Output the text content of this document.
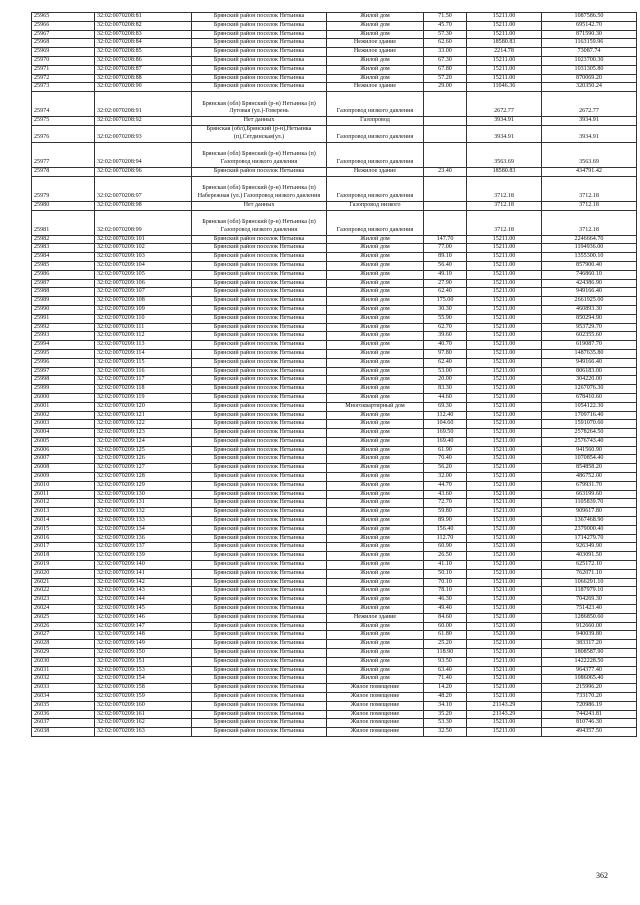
25965	32:02:0070208:81	Брянский район поселок Нетьинка	Жилой дом	71.50	15211.00	1087586.50
25966	32:02:0070208:82	Брянский район поселок Нетьинка	Жилой дом	45.70	15211.00	695142.70
25967	32:02:0070208:83	Брянский район поселок Нетьинка	Жилой дом	57.30	15211.00	871590.30
25968	32:02:0070208:84	Брянский район поселок Нетьинка	Нежилое здание	62.60	18580.83	1163159.96
25969	32:02:0070208:85	Брянский район поселок Нетьинка	Нежилое здание	33.00	2214.78	73087.74
25970	32:02:0070208:86	Брянский район поселок Нетьинка	Жилой дом	67.30	15211.00	1023700.30
25971	32:02:0070208:87	Брянский район поселок Нетьинка	Жилой дом	67.80	15211.00	1031305.80
25972	32:02:0070208:88	Брянский район поселок Нетьинка	Жилой дом	57.20	15211.00	870069.20
25973	32:02:0070208:90	Брянский район поселок Нетьинка	Нежилое здание	29.00	11046.36	320350.24
25974	32:02:0070208:91	Брянская (обл) Брянский (р-н) Нетьинка (п) Лутовая (ул.)-Говерень	Газопровод низкого давления		2672.77	2672.77
25975	32:02:0070208:92	Нет данных	Газопровод		3934.91	3934.91
25976	32:02:0070208:93	Брянская (обл),Брянский (р-н),Нетьинка (п),Сетдинская(ул.)	Газопровод низкого давления		3934.91	3934.91
25977	32:02:0070208:94	Брянская (обл) Брянский (р-н) Нетьинка (п) Газопровод низкого давления	Газопровод низкого давления		3563.69	3563.69
25978	32:02:0070208:96	Брянский район поселок Нетьинка	Нежилое здание	23.40	18580.83	434791.42
25979	32:02:0070208:97	Брянская (обл) Брянский (р-н) Нетьинка (п) Набережная (ул.) Газопровод низкого давления	Газопровод низкого давления		3712.18	3712.18
25980	32:02:0070208:98	Нет данных	Газопровод низкого		3712.18	3712.18
25981	32:02:0070208:99	Брянская (обл) Брянский (р-н) Нетьинка (п) Газопровод низкого давления	Газопровод низкого давления		3712.18	3712.18
25982	32:02:0070209:101	Брянский район поселок Нетьинка	Жилой дом	147.70	15211.00	2246664.70
25983	32:02:0070209:102	Брянский район поселок Нетьинка	Жилой дом	77.00	15211.00	1194936.00
25984	32:02:0070209:103	Брянский район поселок Нетьинка	Жилой дом	89.10	15211.00	1355300.10
25985	32:02:0070209:104	Брянский район поселок Нетьинка	Жилой дом	56.40	15211.00	857900.40
25986	32:02:0070209:105	Брянский район поселок Нетьинка	Жилой дом	49.10	15211.00	746860.10
25987	32:02:0070209:106	Брянский район поселок Нетьинка	Жилой дом	27.90	15211.00	424386.90
25988	32:02:0070209:107	Брянский район поселок Нетьинка	Жилой дом	62.40	15211.00	949166.40
25989	32:02:0070209:108	Брянский район поселок Нетьинка	Жилой дом	175.00	15211.00	2661925.00
25990	32:02:0070209:109	Брянский район поселок Нетьинка	Жилой дом	30.30	15211.00	460893.30
25991	32:02:0070209:110	Брянский район поселок Нетьинка	Жилой дом	55.90	15211.00	850294.90
25992	32:02:0070209:111	Брянский район поселок Нетьинка	Жилой дом	62.70	15211.00	953729.70
25993	32:02:0070209:112	Брянский район поселок Нетьинка	Жилой дом	39.60	15211.00	602355.60
25994	32:02:0070209:113	Брянский район поселок Нетьинка	Жилой дом	40.70	15211.00	619087.70
25995	32:02:0070209:114	Брянский район поселок Нетьинка	Жилой дом	97.80	15211.00	1487635.80
25996	32:02:0070209:115	Брянский район поселок Нетьинка	Жилой дом	62.40	15211.00	949166.40
25997	32:02:0070209:116	Брянский район поселок Нетьинка	Жилой дом	53.00	15211.00	806183.00
25998	32:02:0070209:117	Брянский район поселок Нетьинка	Жилой дом	20.00	15211.00	304220.00
25999	32:02:0070209:118	Брянский район поселок Нетьинка	Жилой дом	83.30	15211.00	1267076.30
26000	32:02:0070209:119	Брянский район поселок Нетьинка	Жилой дом	44.60	15211.00	678410.60
26001	32:02:0070209:120	Брянский район поселок Нетьинка	Многоквартирный дом	69.30	15211.00	1054122.30
26002	32:02:0070209:121	Брянский район поселок Нетьинка	Жилой дом	112.40	15211.00	1709716.40
26003	32:02:0070209:122	Брянский район поселок Нетьинка	Жилой дом	104.60	15211.00	1591070.60
26004	32:02:0070209:123	Брянский район поселок Нетьинка	Жилой дом	169.50	15211.00	2578264.50
26005	32:02:0070209:124	Брянский район поселок Нетьинка	Жилой дом	169.40	15211.00	2576743.40
26006	32:02:0070209:125	Брянский район поселок Нетьинка	Жилой дом	61.90	15211.00	941560.90
26007	32:02:0070209:126	Брянский район поселок Нетьинка	Жилой дом	70.40	15211.00	1070854.40
26008	32:02:0070209:127	Брянский район поселок Нетьинка	Жилой дом	56.20	15211.00	854858.20
26009	32:02:0070209:128	Брянский район поселок Нетьинка	Жилой дом	32.00	15211.00	486752.00
26010	32:02:0070209:129	Брянский район поселок Нетьинка	Жилой дом	44.70	15211.00	679931.70
26011	32:02:0070209:130	Брянский район поселок Нетьинка	Жилой дом	43.60	15211.00	663199.60
26012	32:02:0070209:131	Брянский район поселок Нетьинка	Жилой дом	72.70	15211.00	1105839.70
26013	32:02:0070209:132	Брянский район поселок Нетьинка	Жилой дом	59.80	15211.00	909617.80
26014	32:02:0070209:133	Брянский район поселок Нетьинка	Жилой дом	89.90	15211.00	1367468.90
26015	32:02:0070209:134	Брянский район поселок Нетьинка	Жилой дом	156.40	15211.00	2379000.40
26016	32:02:0070209:136	Брянский район поселок Нетьинка	Жилой дом	112.70	15211.00	1714279.70
26017	32:02:0070209:137	Брянский район поселок Нетьинка	Жилой дом	60.90	15211.00	926349.90
26018	32:02:0070209:139	Брянский район поселок Нетьинка	Жилой дом	26.50	15211.00	403091.50
26019	32:02:0070209:140	Брянский район поселок Нетьинка	Жилой дом	41.10	15211.00	625172.10
26020	32:02:0070209:141	Брянский район поселок Нетьинка	Жилой дом	50.10	15211.00	762071.10
26021	32:02:0070209:142	Брянский район поселок Нетьинка	Жилой дом	70.10	15211.00	1066291.10
26022	32:02:0070209:143	Брянский район поселок Нетьинка	Жилой дом	78.10	15211.00	1187979.10
26023	32:02:0070209:144	Брянский район поселок Нетьинка	Жилой дом	46.30	15211.00	704269.30
26024	32:02:0070209:145	Брянский район поселок Нетьинка	Жилой дом	49.40	15211.00	751423.40
26025	32:02:0070209:146	Брянский район поселок Нетьинка	Нежилое здание	84.60	15211.00	1286850.60
26026	32:02:0070209:147	Брянский район поселок Нетьинка	Жилой дом	60.00	15211.00	912660.00
26027	32:02:0070209:148	Брянский район поселок Нетьинка	Жилой дом	61.80	15211.00	940039.80
26028	32:02:0070209:149	Брянский район поселок Нетьинка	Жилой дом	25.20	15211.00	383317.20
26029	32:02:0070209:150	Брянский район поселок Нетьинка	Жилой дом	118.90	15211.00	1808587.90
26030	32:02:0070209:151	Брянский район поселок Нетьинка	Жилой дом	93.50	15211.00	1422228.50
26031	32:02:0070209:153	Брянский район поселок Нетьинка	Жилой дом	63.40	15211.00	964377.40
26032	32:02:0070209:154	Брянский район поселок Нетьинка	Жилой дом	71.40	15211.00	1086065.40
26033	32:02:0070209:158	Брянский район поселок Нетьинка	Жилое помещение	14.20	15211.00	215996.20
26034	32:02:0070209:159	Брянский район поселок Нетьинка	Жилое помещение	48.20	15211.00	733170.20
26035	32:02:0070209:160	Брянский район поселок Нетьинка	Жилое помещение	34.10	21143.29	720986.19
26036	32:02:0070209:161	Брянский район поселок Нетьинка	Жилое помещение	35.20	21143.29	744243.81
26037	32:02:0070209:162	Брянский район поселок Нетьинка	Жилое помещение	53.30	15211.00	810746.30
26038	32:02:0070209:163	Брянский район поселок Нетьинка	Жилое помещение	32.50	15211.00	494357.50
362
